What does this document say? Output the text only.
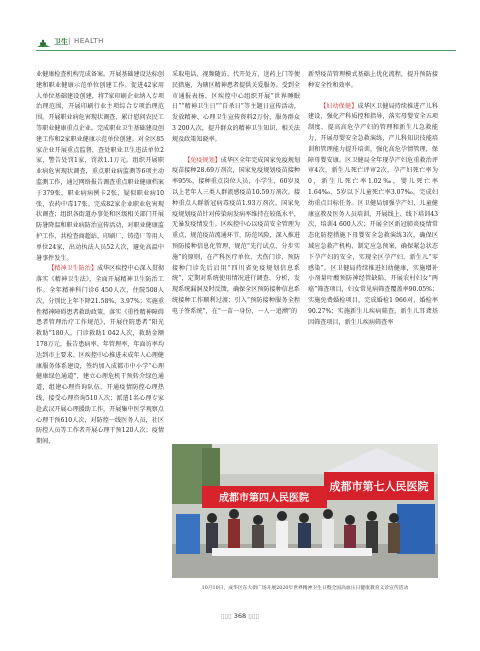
卫生 | HEALTH

业健康检查机构完成备案。开展基础建设达标创建和职业健康示范单位创建工作。促进42家用人单位基础建设创建，将7家印刷企业纳入专项治理范围，开展印刷行业主项综合专项治理范围。开展职业病危害现状调查，累计慰问农民工等职业健康重点企业。完成职业卫生基础建设创建工作和2家职业健康示范单位创建。对全区85家企业开展重点监督，查处职业卫生违法单位2家，警告处罚1家，罚款1.1万元。组织开展职业病危害现状调查，重点职业病监测等6项主动监测工作，通过网络报告调查重点职业健康档案于379张，职业病病例卡2张，疑似职业病10张，农药中毒17张。完成82家企业职业危害现状调查；组织各街道办事处和区级相关部门开展防暑降温和职业病防治宣传活动，对职业健康监护工作，共检查商超站、印刷厂、铸造厂等用人单位24家，出动执法人员52人次，避免高温中暑事件发生。

【精神卫生防治】成华区疾控中心深入贯彻落实《精神卫生法》，全面开展精神卫生防治工作。全年精神科门诊6 450人次，住院508人次，分别比上年下降21.58%，3.97%；实施重性精神障碍患者救助政策，落实《重性精神障碍患者管理治疗工作规范》，开展住院患者“阳光救助”180人，门诊救助1 042人次，救助金额178万元，报告患病率、年管理率、年面访率均达到市上要求。区疾控中心推进未成年人心理健康服务体系建设，签约加入成都市中小学“心理健康绿色通道”，建立心理危机干预转介绿色通道，组建心理咨询队伍，开通疫情防控心理热线，接受心理咨询510人次；派遣1名心理专家赴武汉开展心理援助工作，开展集中医学观察点心理干预610人次，对防控一线医务人员，社区防控人员等工作者开展心理干预120人次；疫情期间，

采取电话、视频随访、代开处方、送药上门等便民措施，为辖区精神患者提供关爱服务。受到全市通报表扬。区疾控中心组织开展“世界睡眠日”“精神卫生日”“自杀日”等主题日宣传活动，发放精神、心理卫生宣传资料2万份，服务群众3 200人次，提升群众的精神卫生知识、相关法规及政策知晓率。

【免疫规划】成华区全年完成国家免疫规划疫苗接种28.69万剂次，国家免疫规划疫苗接种率95%，接种重点岗位人员、小学生、60岁及以上老年人三类人群流感疫苗10.59万剂次。接种重点人群新冠病毒疫苗1.93万剂次。国家免疫规划疫苗针对传染病发病率维持在较低水平，无暴发疫情发生。区疾控中心以疫苗安全管理为重点，规范疫苗流通环节，防范风险，深入推进预防接种信息化管理，规范“先行试点、分步实施”的原则，在产科医疗单位、犬伤门诊、预防接种门诊先后启用“四川省免疫规划信息系统”，定期对系统使用情况进行调查、分析，发现系统漏洞及时反馈，确保全区预防接种信息系统接种工作顺利过渡；引入“预防接种服务全程电子签系统”，在“一苗一身份，一人一追溯”的

新型疫苗管理模式基础上优化流程，提升预防接种安全性和效率。

【妇幼保健】成华区卫健局持续推进产儿科建设，强化产科质控和指导，落实母婴安全五项制度，提高高危孕产妇的管理和新生儿急救能力，开展母婴安全急救演练，产儿科知识技能培训和管理能力提升培训，强化高危孕情管理，保障母婴安康。区卫健局全年现孕产妇危重救治评审4次，新生儿死亡评审2次，孕产妇死亡率为0，新生儿死亡率1.02‰，婴儿死亡率1.64‰，5岁以下儿童死亡率3.07‰，完成妇幼重点目标任务。区卫健局加强孕产妇、儿童健康宣教及医务人员培训，开展线上、线下培训43次，培训4 600人次；开展全区新冠肺炎疫情常态化防控措施下母婴安全急救演练3次，确保区域应急救产机构、制定应急预案，确保紧急状态下孕产妇的安全，实现全区孕产妇、新生儿“零感染”。区卫健局持续推进妇幼健康，实施增补小剂量叶酸预防神经管缺陷，开展农村妇女“两癌”筛查项目，妇女常见病筛查覆盖率90.05%；实施免费婚检项目，完成婚检1 966对，婚检率90.27%；实施新生儿疾病筛查，新生儿耳聋基因筛查项目，新生儿疾病筛查率

成都市第七人民医院
成都市第四人民医院
10月10日，成华区东大街广场开展2020年世界精神卫生日暨全国高血压日健康教育义诊宣传活动
▯▯▯ 368 ▯▯▯
